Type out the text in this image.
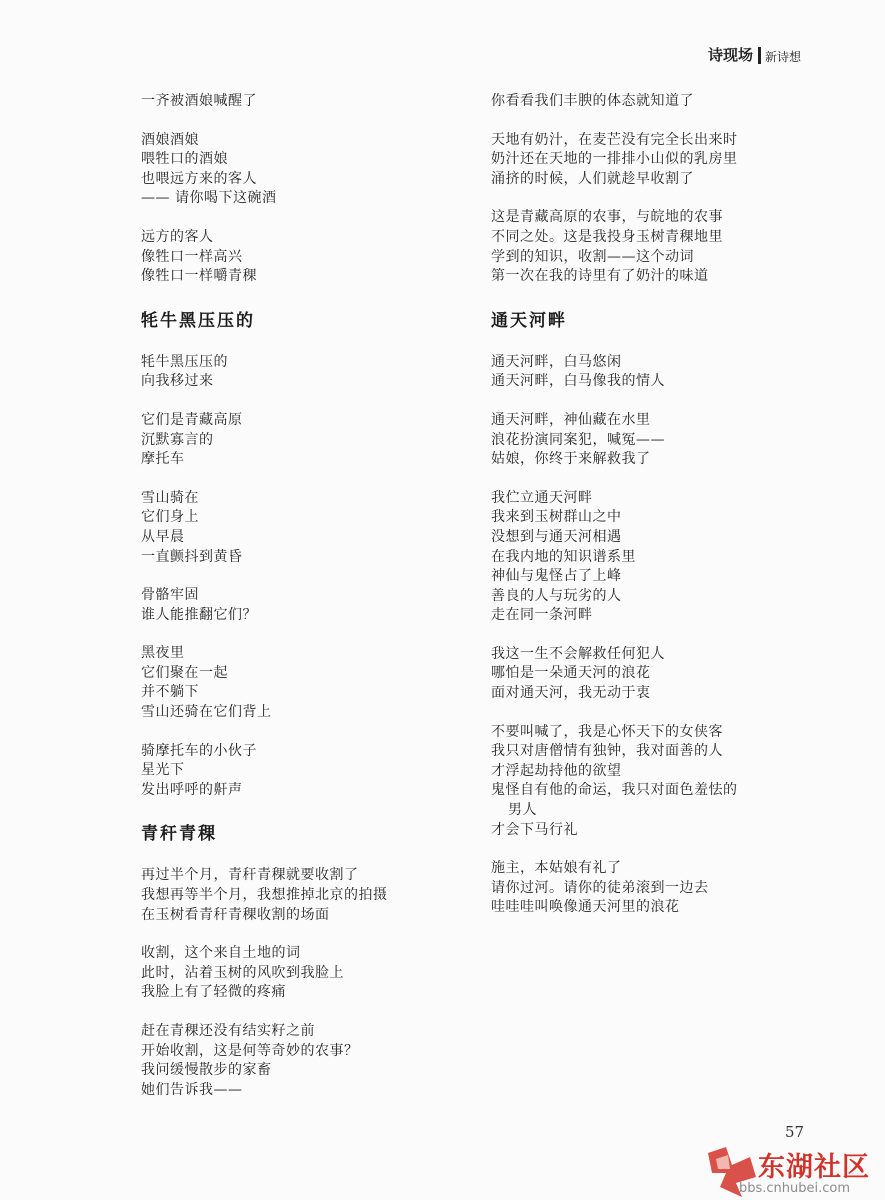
诗现场 新诗想
一齐被酒娘喊醒了
酒娘酒娘
喂牲口的酒娘
也喂远方来的客人
—— 请你喝下这碗酒
远方的客人
像牲口一样高兴
像牲口一样嚼青稞
牦牛黑压压的
牦牛黑压压的
向我移过来
它们是青藏高原
沉默寡言的
摩托车
雪山骑在
它们身上
从早晨
一直颤抖到黄昏
骨骼牢固
谁人能推翻它们？
黑夜里
它们聚在一起
并不躺下
雪山还骑在它们背上
骑摩托车的小伙子
星光下
发出呼呼的鼾声
青秆青稞
再过半个月，青秆青稞就要收割了
我想再等半个月，我想推掉北京的拍摄
在玉树看青秆青稞收割的场面
收割，这个来自土地的词
此时，沾着玉树的风吹到我脸上
我脸上有了轻微的疼痛
赶在青稞还没有结实籽之前
开始收割，这是何等奇妙的农事？
我问缓慢散步的家畜
她们告诉我——
你看看我们丰腴的体态就知道了
天地有奶汁，在麦芒没有完全长出来时
奶汁还在天地的一排排小山似的乳房里
涌挤的时候，人们就趁早收割了
这是青藏高原的农事，与皖地的农事
不同之处。这是我投身玉树青稞地里
学到的知识，收割——这个动词
第一次在我的诗里有了奶汁的味道
通天河畔
通天河畔，白马悠闲
通天河畔，白马像我的情人
通天河畔，神仙藏在水里
浪花扮演同案犯，喊冤——
姑娘，你终于来解救我了
我伫立通天河畔
我来到玉树群山之中
没想到与通天河相遇
在我内地的知识谱系里
神仙与鬼怪占了上峰
善良的人与玩劣的人
走在同一条河畔
我这一生不会解救任何犯人
哪怕是一朵通天河的浪花
面对通天河，我无动于衷
不要叫喊了，我是心怀天下的女侠客
我只对唐僧情有独钟，我对面善的人
才浮起劫持他的欲望
鬼怪自有他的命运，我只对面色羞怯的
男人
才会下马行礼
施主，本姑娘有礼了
请你过河。请你的徒弟滚到一边去
哇哇哇叫唤像通天河里的浪花
57
东湖社区
bbs.cnhubei.com
